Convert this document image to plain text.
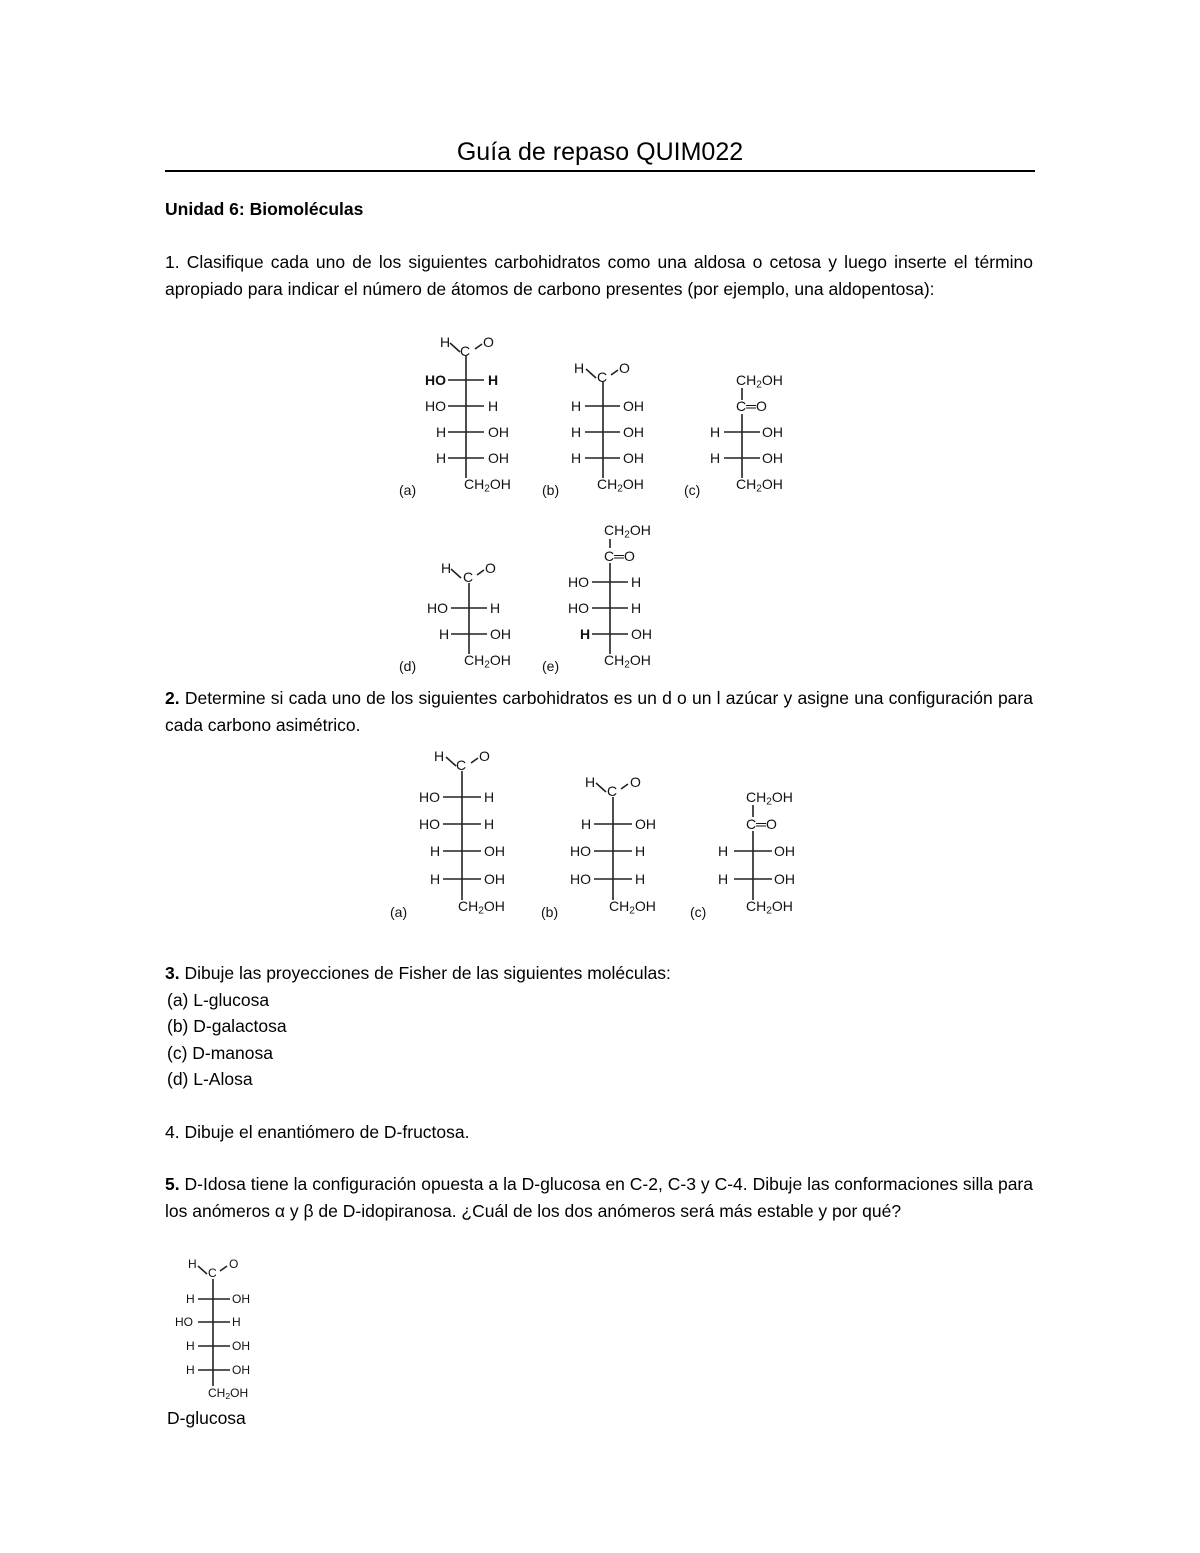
Guía de repaso QUIM022
Unidad 6: Biomoléculas
1. Clasifique cada uno de los siguientes carbohidratos como una aldosa o cetosa y luego inserte el término apropiado para indicar el número de átomos de carbono presentes (por ejemplo, una aldopentosa):
2. Determine si cada uno de los siguientes carbohidratos es un d o un l azúcar y asigne una configuración para cada carbono asimétrico.
3. Dibuje las proyecciones de Fisher de las siguientes moléculas:
(a) L-glucosa
(b) D-galactosa
(c) D-manosa
(d) L-Alosa
4. Dibuje el enantiómero de D-fructosa.
5. D-Idosa tiene la configuración opuesta a la D-glucosa en C-2, C-3 y C-4. Dibuje las conformaciones silla para los anómeros α y β de D-idopiranosa. ¿Cuál de los dos anómeros será más estable y por qué?
D-glucosa
H
C
O
HO	H
HO	H
H	OH
H	OH
$CH_2OH$
(a)
H
C
O
H	OH
H	OH
H	OH
$CH_2OH$
(b)
$CH_2OH$
C═O
H	OH
H	OH
$CH_2OH$
(c)
H
C
O
HO	H
H	OH
$CH_2OH$
(d)
$CH_2OH$
C═O
HO	H
HO	H
H	OH
$CH_2OH$
(e)
H
C
O
HO	H
HO	H
H	OH
H	OH
$CH_2OH$
(a)
H
C
O
H	OH
HO	H
HO	H
$CH_2OH$
(b)
$CH_2OH$
C═O
H	OH
H	OH
$CH_2OH$
(c)
H
C
O
H	OH
HO	H
H	OH
H	OH
$CH_2OH$
